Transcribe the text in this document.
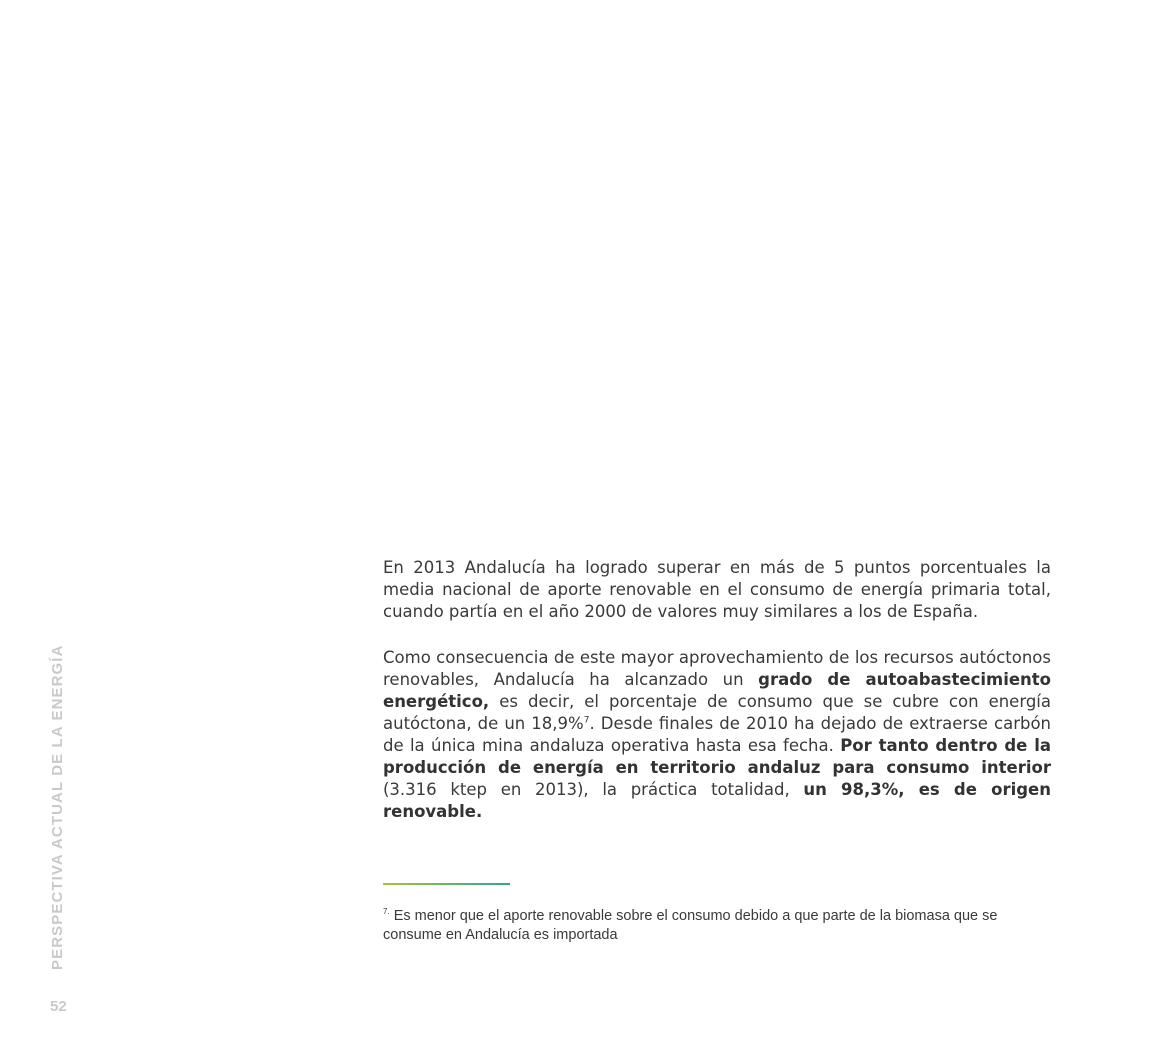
PERSPECTIVA ACTUAL DE LA ENERGÍA
52

En 2013 Andalucía ha logrado superar en más de 5 puntos porcentuales la media nacional de aporte renovable en el consumo de energía primaria total, cuando partía en el año 2000 de valores muy similares a los de España.

Como consecuencia de este mayor aprovechamiento de los recursos autóctonos renovables, Andalucía ha alcanzado un grado de autoabastecimiento energético, es decir, el porcentaje de consumo que se cubre con energía autóctona, de un 18,9%$^7$. Desde finales de 2010 ha dejado de extraerse carbón de la única mina andaluza operativa hasta esa fecha. Por tanto dentro de la producción de energía en territorio andaluz para consumo interior (3.316 ktep en 2013), la práctica totalidad, un 98,3%, es de origen renovable.

$^{7.}$ Es menor que el aporte renovable sobre el consumo debido a que parte de la biomasa que se consume en Andalucía es importada
